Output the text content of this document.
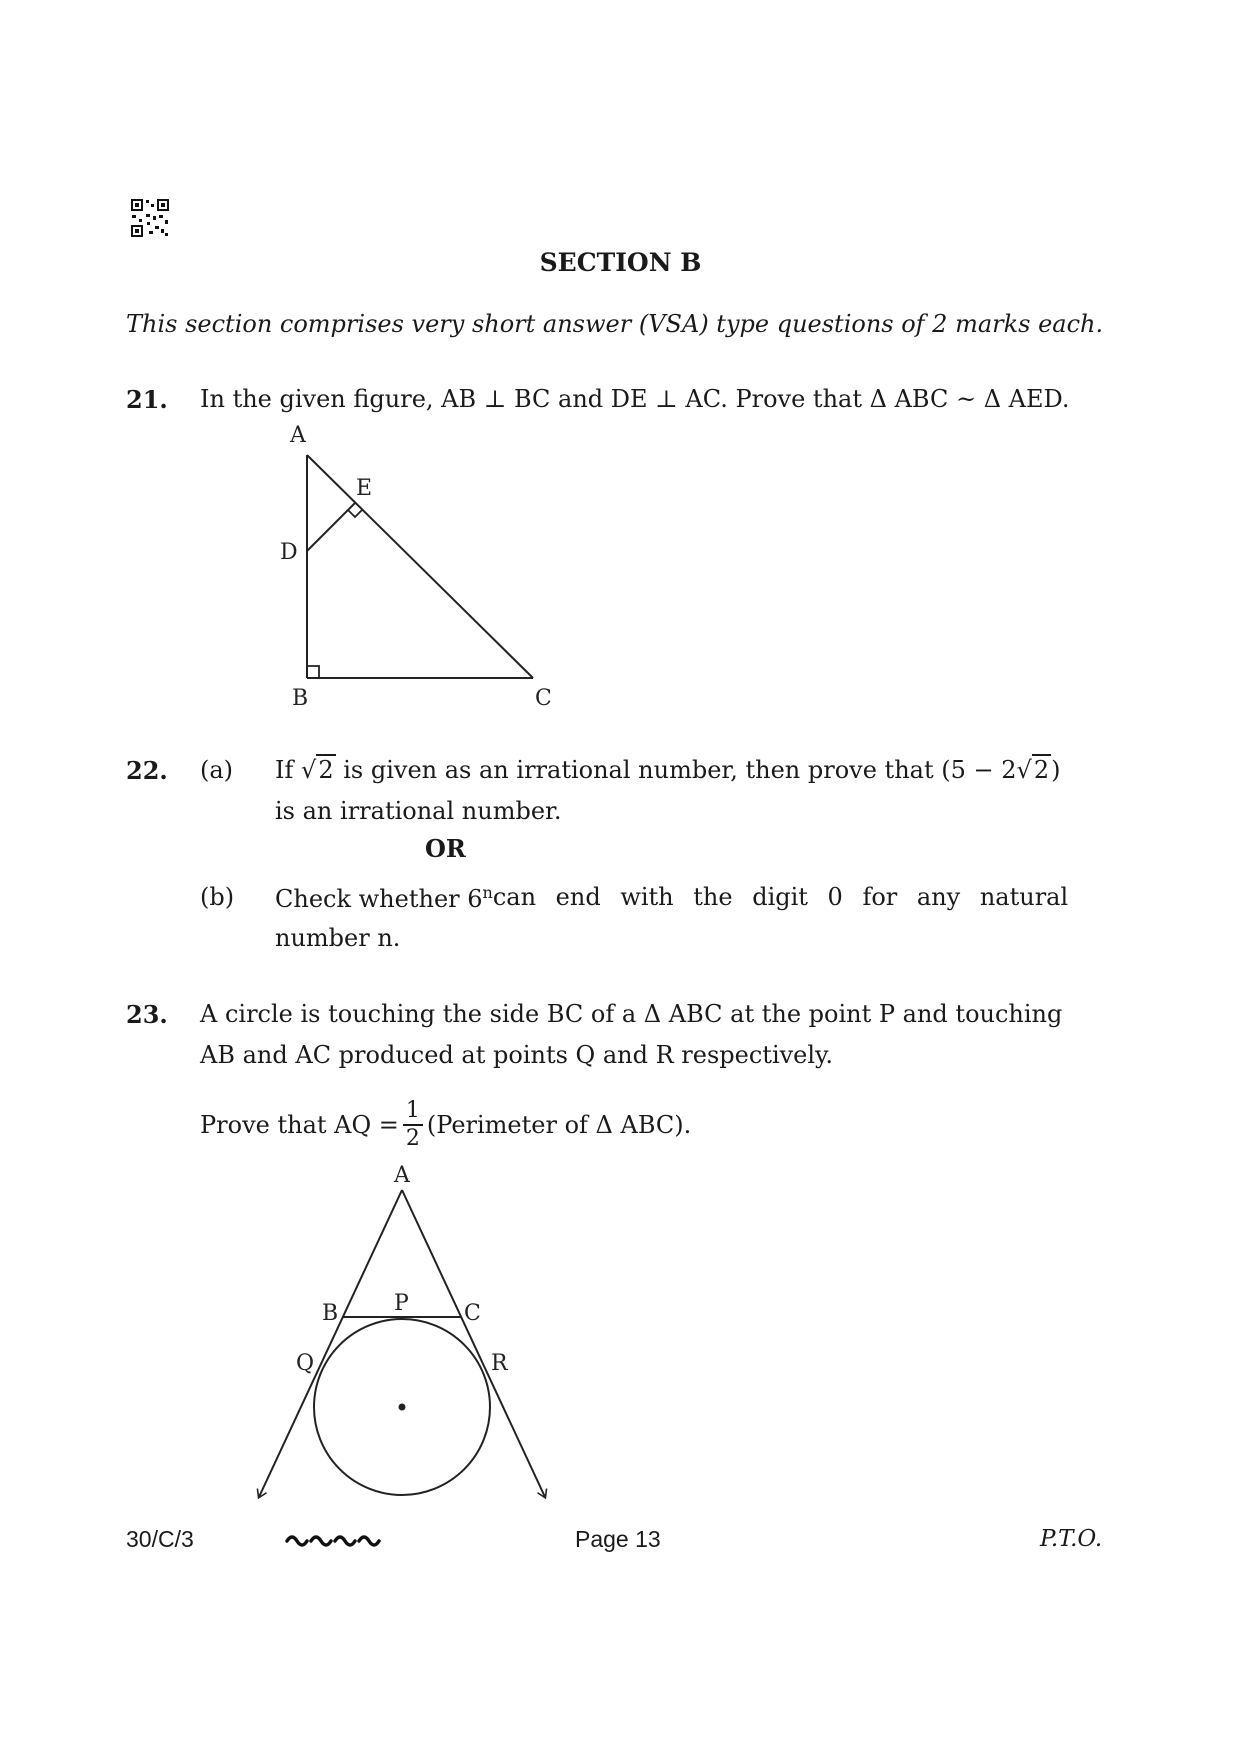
SECTION B
This section comprises very short answer (VSA) type questions of 2 marks each.
21. In the given figure, AB ⊥ BC and DE ⊥ AC. Prove that Δ ABC ~ Δ AED.
A
E
D
B	C
22. (a) If √2 is given as an irrational number, then prove that (5 − 2√2)
is an irrational number.
OR
(b) Check whether 6$^n$ can end with the digit 0 for any natural
number n.
23. A circle is touching the side BC of a Δ ABC at the point P and touching
AB and AC produced at points Q and R respectively.
Prove that AQ = $\frac{1}{2}$ (Perimeter of Δ ABC).
A
B	P	C
Q	R
30/C/3	Page 13	P.T.O.
